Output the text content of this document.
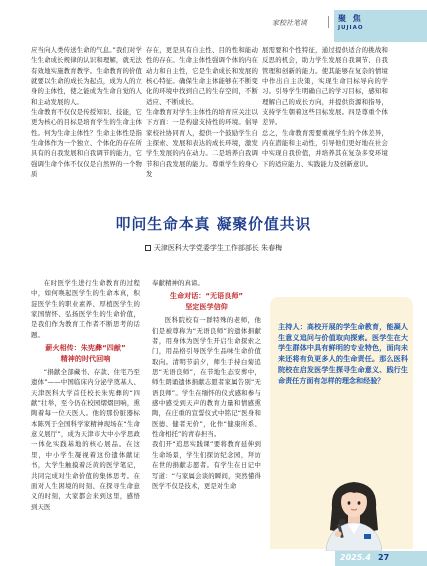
家校社笔谈	聚 焦
JUJIAO
应当向人类传送生命的气息。”我们对学生生命成长规律的认识和理解，就无法有效地实施教育教学。生命教育的价值就要以生命的成长为起点，成为人的立身的主体性，使之能成为生命自觉的人和主动发展的人。
生命教育不仅仅是传授知识、技能，它更为核心的目标是培育学生的生命主体性。何为生命主体性？生命主体性是指生命体作为一个独立、个体化的存在所具有的自我发展和自我调节的能力，它强调生命个体不仅仅是自然界的一个物质
存在，更是具有自主性、目的性和能动性的存在。生命主体性强调个体的内在动力和自主性，它是生命成长和发展的核心特征。确保生命主体能够在不断变化的环境中找到自己的生存空间，不断适应、不断成长。
生命教育对学生主体性的培育应关注以下方面：一是构建支持性的环境。倡导家校社协同育人，提供一个鼓励学生自主探索、发展和表达的成长环境，激发学生发展的内在动力。二是培养自我调节和自我发展的能力。尊重学生的身心发
展需要和个性特征，通过提供适合的挑战和反思的机会，助力学生发展自我调节、自我管理和创新的能力。使其能够在复杂的情境中作出自主决策，实现生命目标导向的学习。引导学生明确自己的学习目标，感知和理解自己的成长方向，并提供资源和指导，支持学生朝着这些目标发展。四是尊重个体差异。
总之，生命教育需要重视学生的个体差异，内在潜能和主动性，引导他们更好地在社会中实现自我价值，并培养其在复杂多变环境下的适应能力、实践能力及创新意识。
叩问生命本真 凝聚价值共识
天津医科大学党委学生工作部部长 朱春梅
在时医学生进行生命教育的过程中，如何唤起医学生的生命本真，积淀医学生的职业素养、厚植医学生的家国情怀、弘扬医学生的生命价值，是我们作为教育工作者不断思考的话题。
薪火相传：朱宪彝“四献”
精神的时代回响
“捐献全部藏书、存款、住宅乃至遗体”——中国临床内分泌学奠基人、天津医科大学首任校长朱宪彝的“四献”壮举，至今仍在校园熠熠回响，熏陶着每一位天医人。他的那份脏器标本陈列于全国科学家精神现场在“生命意义展厅”，成为天津市大中小学思政一体化实践基地的核心展品。在这里，中小学生凝视着这份遗体献证书，大学生触摸着泛黄的医学笔记，共同完成对生命价值的集体思考。在面对人生困境的时刻、在探寻生命意义的时刻，大家都会来到这里，感悟到天医
奉献精神的真谛。
生命对话：“无语良师”
坚定医学信仰
医科院校有一群特殊的老师，他们是被尊称为“无语良师”的遗体捐献者，用身体为医学生开启生命探索之门，用品格引导医学生品味生命价值取向。清明节前夕，师生手持白菊追思“无语良师”，在节地生态安葬中，师生朗诵遗体捐献志愿者家属告别“无语良师”。学生在缅怀的仪式感和参与感中感受到天声的教育力量和情感熏陶，在庄重的宣誓仪式中铭记“医身和医德、健者无价”，化作“健康所系、性命相托”的青春担当。
我们开“追思实践课”要将教育延伸到生命场景，学生们探访纪念园，拜访在世的捐献志愿者。有学生在日记中写道：“与家属会谈的瞬间，突然懂得医学不仅是技术，更是对生命
主持人：高校开展的学生命教育，能凝人生意义追问与价值取向探索。医学生在大学生群体中具有鲜明的专业特色，面向未来还将有负更多人的生命责任。那么医科院校在启发医学生探寻生命意义、践行生命责任方面有怎样的理念和经验？
2025.4 27
